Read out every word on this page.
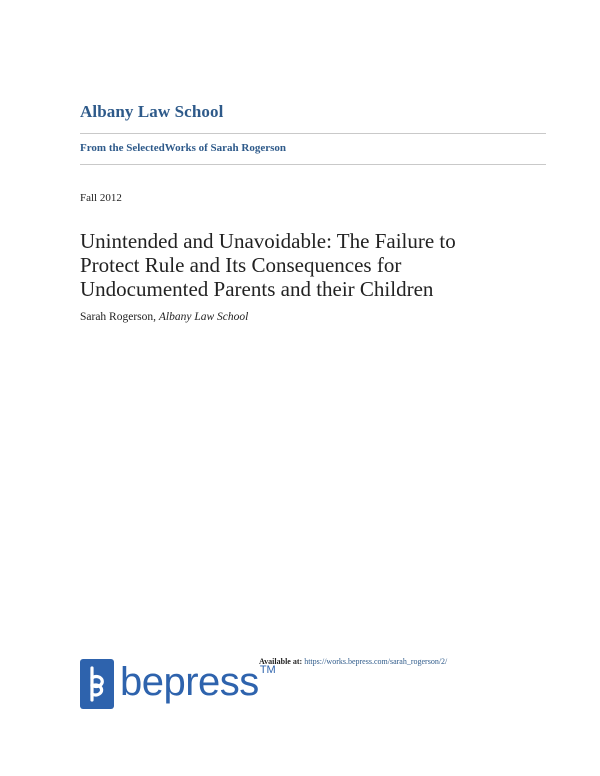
Albany Law School
From the SelectedWorks of Sarah Rogerson
Fall 2012
Unintended and Unavoidable: The Failure to Protect Rule and Its Consequences for Undocumented Parents and their Children
Sarah Rogerson, Albany Law School
Available at: https://works.bepress.com/sarah_rogerson/2/
bepress TM
